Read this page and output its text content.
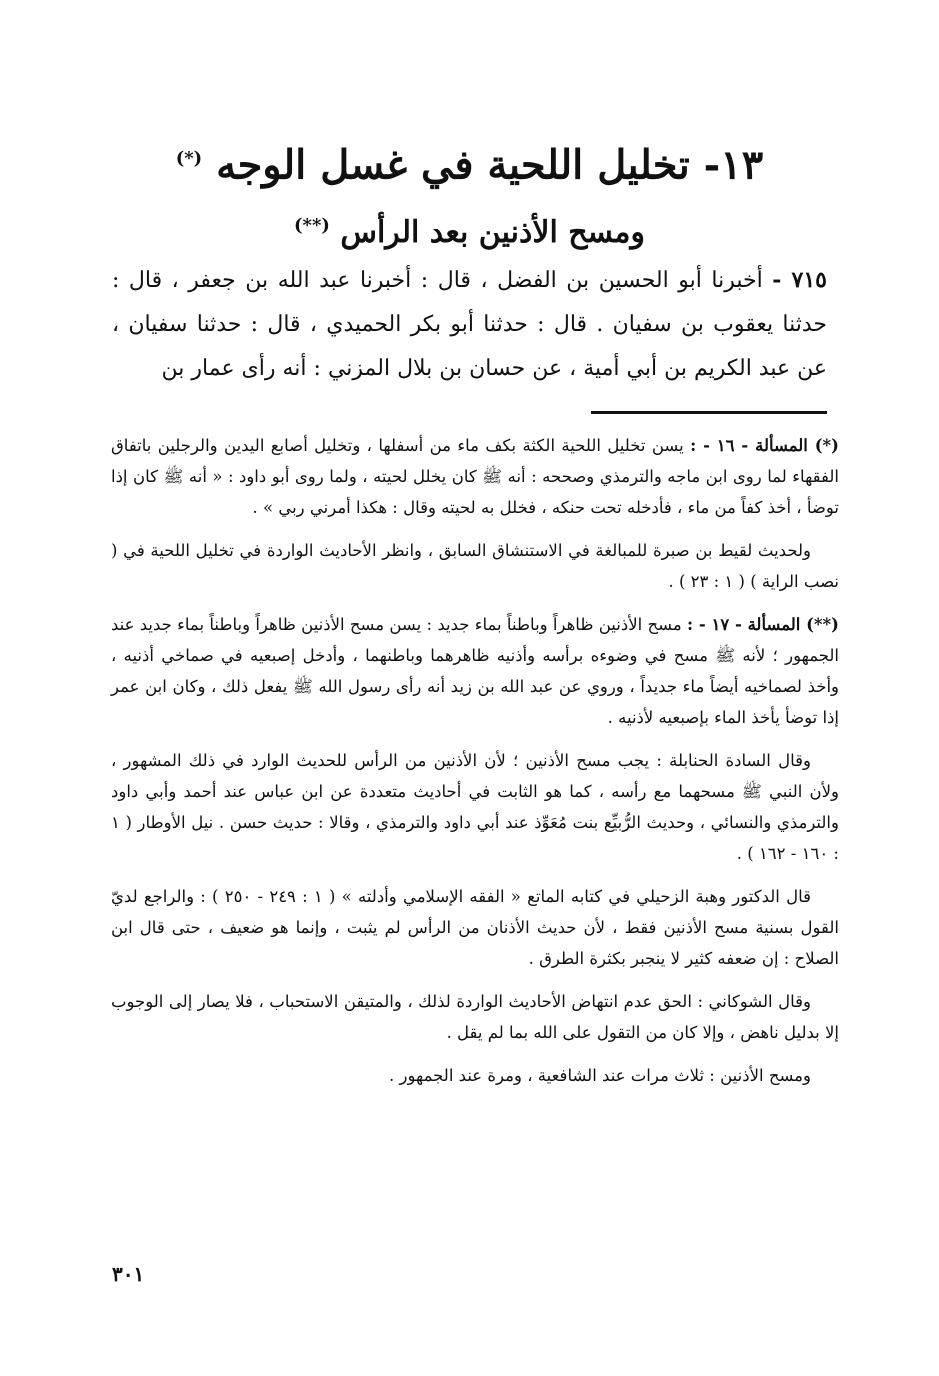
١٣- تخليل اللحية في غسل الوجه (*)
ومسح الأذنين بعد الرأس (**)
٧١٥ - أخبرنا أبو الحسين بن الفضل ، قال : أخبرنا عبد الله بن جعفر ، قال : حدثنا يعقوب بن سفيان . قال : حدثنا أبو بكر الحميدي ، قال : حدثنا سفيان ، عن عبد الكريم بن أبي أمية ، عن حسان بن بلال المزني : أنه رأى عمار بن

(*) المسألة - ١٦ - : يسن تخليل اللحية الكثة بكف ماء من أسفلها ، وتخليل أصابع اليدين والرجلين باتفاق الفقهاء لما روى ابن ماجه والترمذي وصححه : أنه ﷺ كان يخلل لحيته ، ولما روى أبو داود : « أنه ﷺ كان إذا توضأ ، أخذ كفاً من ماء ، فأدخله تحت حنكه ، فخلل به لحيته وقال : هكذا أمرني ربي » .

ولحديث لقيط بن صبرة للمبالغة في الاستنشاق السابق ، وانظر الأحاديث الواردة في تخليل اللحية في ( نصب الراية ) ( ١ : ٢٣ ) .

(**) المسألة - ١٧ - : مسح الأذنين ظاهراً وباطناً بماء جديد : يسن مسح الأذنين ظاهراً وباطناً بماء جديد عند الجمهور ؛ لأنه ﷺ مسح في وضوءه برأسه وأذنيه ظاهرهما وباطنهما ، وأدخل إصبعيه في صماخي أذنيه ، وأخذ لصماخيه أيضاً ماء جديداً ، وروي عن عبد الله بن زيد أنه رأى رسول الله ﷺ يفعل ذلك ، وكان ابن عمر إذا توضأ يأخذ الماء بإصبعيه لأذنيه .

وقال السادة الحنابلة : يجب مسح الأذنين ؛ لأن الأذنين من الرأس للحديث الوارد في ذلك المشهور ، ولأن النبي ﷺ مسحهما مع رأسه ، كما هو الثابت في أحاديث متعددة عن ابن عباس عند أحمد وأبي داود والترمذي والنسائي ، وحديث الرُّبيِّع بنت مُعَوِّذ عند أبي داود والترمذي ، وقالا : حديث حسن . نيل الأوطار ( ١ : ١٦٠ - ١٦٢ ) .

قال الدكتور وهبة الزحيلي في كتابه الماتع « الفقه الإسلامي وأدلته » ( ١ : ٢٤٩ - ٢٥٠ ) : والراجع لديّ القول بسنية مسح الأذنين فقط ، لأن حديث الأذنان من الرأس لم يثبت ، وإنما هو ضعيف ، حتى قال ابن الصلاح : إن ضعفه كثير لا ينجبر بكثرة الطرق .

وقال الشوكاني : الحق عدم انتهاض الأحاديث الواردة لذلك ، والمتيقن الاستحباب ، فلا يصار إلى الوجوب إلا بدليل ناهض ، وإلا كان من التقول على الله بما لم يقل .

ومسح الأذنين : ثلاث مرات عند الشافعية ، ومرة عند الجمهور .

٣٠١
